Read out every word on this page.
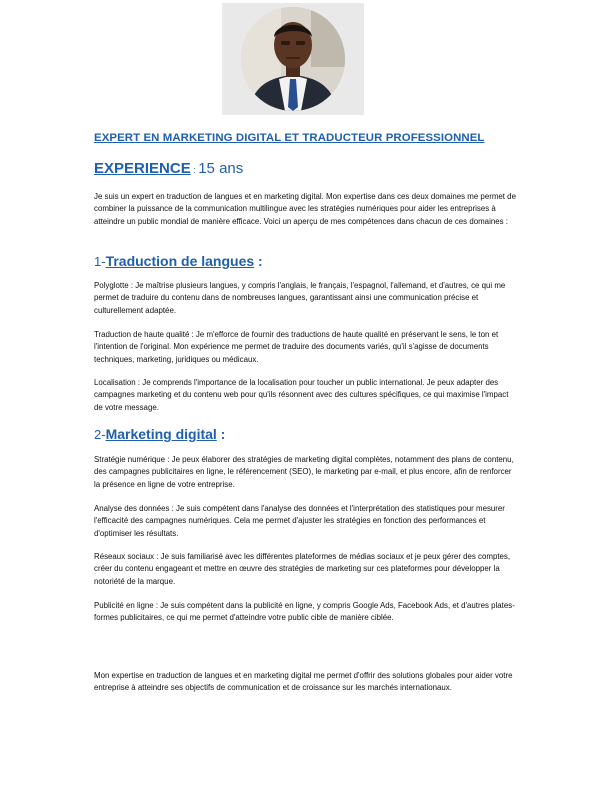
EXPERT EN MARKETING DIGITAL ET TRADUCTEUR PROFESSIONNEL

EXPERIENCE : 15 ans

Je suis un expert en traduction de langues et en marketing digital. Mon expertise dans ces deux domaines me permet de combiner la puissance de la communication multilingue avec les stratégies numériques pour aider les entreprises à atteindre un public mondial de manière efficace. Voici un aperçu de mes compétences dans chacun de ces domaines :

1-Traduction de langues :

Polyglotte : Je maîtrise plusieurs langues, y compris l'anglais, le français, l'espagnol, l'allemand, et d'autres, ce qui me permet de traduire du contenu dans de nombreuses langues, garantissant ainsi une communication précise et culturellement adaptée.

Traduction de haute qualité : Je m'efforce de fournir des traductions de haute qualité en préservant le sens, le ton et l'intention de l'original. Mon expérience me permet de traduire des documents variés, qu'il s'agisse de documents techniques, marketing, juridiques ou médicaux.

Localisation : Je comprends l'importance de la localisation pour toucher un public international. Je peux adapter des campagnes marketing et du contenu web pour qu'ils résonnent avec des cultures spécifiques, ce qui maximise l'impact de votre message.

2-Marketing digital :

Stratégie numérique : Je peux élaborer des stratégies de marketing digital complètes, notamment des plans de contenu, des campagnes publicitaires en ligne, le référencement (SEO), le marketing par e-mail, et plus encore, afin de renforcer la présence en ligne de votre entreprise.

Analyse des données : Je suis compétent dans l'analyse des données et l'interprétation des statistiques pour mesurer l'efficacité des campagnes numériques. Cela me permet d'ajuster les stratégies en fonction des performances et d'optimiser les résultats.

Réseaux sociaux : Je suis familiarisé avec les différentes plateformes de médias sociaux et je peux gérer des comptes, créer du contenu engageant et mettre en œuvre des stratégies de marketing sur ces plateformes pour développer la notoriété de la marque.

Publicité en ligne : Je suis compétent dans la publicité en ligne, y compris Google Ads, Facebook Ads, et d'autres plates-formes publicitaires, ce qui me permet d'atteindre votre public cible de manière ciblée.

Mon expertise en traduction de langues et en marketing digital me permet d'offrir des solutions globales pour aider votre entreprise à atteindre ses objectifs de communication et de croissance sur les marchés internationaux.
